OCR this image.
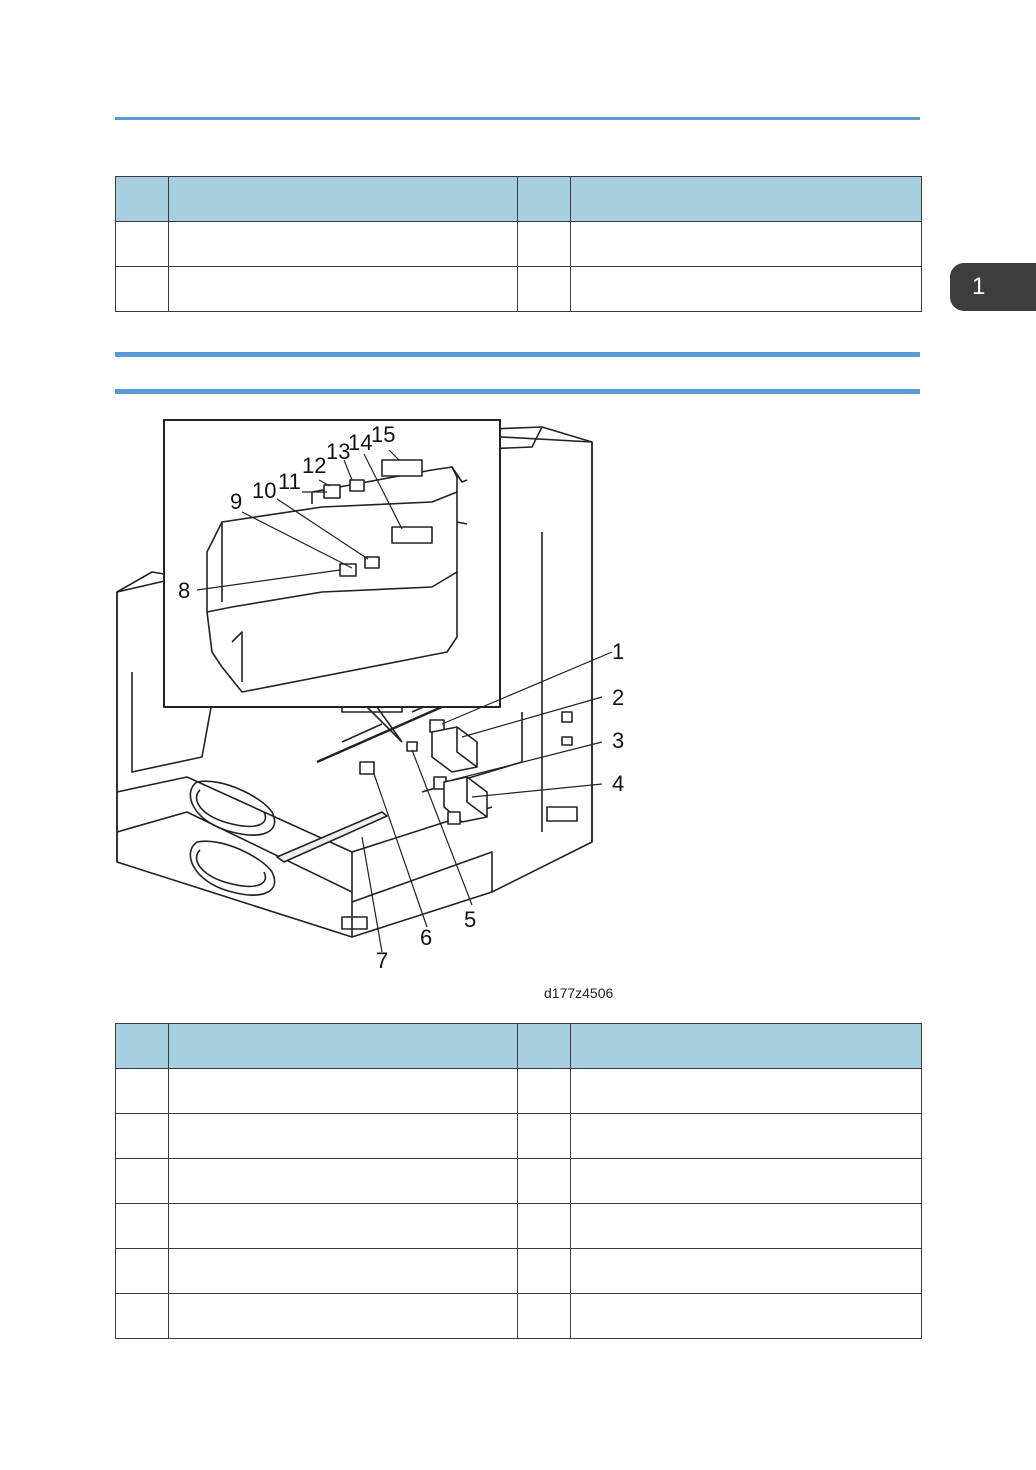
1
1
2
3
4
5
6
7
8
9 10 11
12
13
14
15
d177z4506
